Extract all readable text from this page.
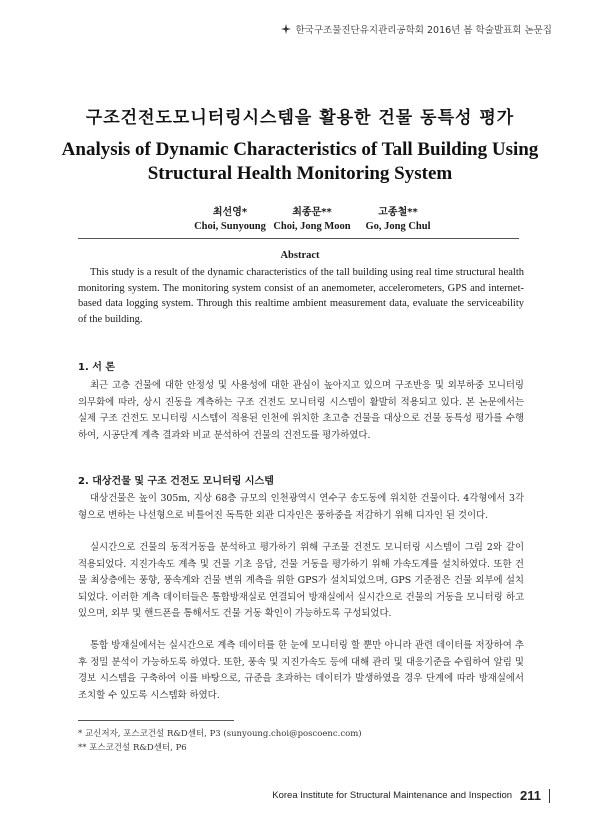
한국구조물진단유지관리공학회 2016년 봄 학술발표회 논문집
구조건전도모니터링시스템을 활용한 건물 동특성 평가
Analysis of Dynamic Characteristics of Tall Building Using
Structural Health Monitoring System
최선영*
Choi, Sunyoung
최종문**
Choi, Jong Moon
고종철**
Go, Jong Chul
Abstract
This study is a result of the dynamic characteristics of the tall building using real time structural health monitoring system. The monitoring system consist of an anemometer, accelerometers, GPS and internet-based data logging system. Through this realtime ambient measurement data, evaluate the serviceability of the building.
1. 서 론
최근 고층 건물에 대한 안정성 및 사용성에 대한 관심이 높아지고 있으며 구조반응 및 외부하중 모니터링 의무화에 따라, 상시 진동을 계측하는 구조 건전도 모니터링 시스템이 활발히 적용되고 있다. 본 논문에서는 실제 구조 건전도 모니터링 시스템이 적용된 인천에 위치한 초고층 건물을 대상으로 건물 동특성 평가를 수행하여, 시공단계 계측 결과와 비교 분석하여 건물의 건전도를 평가하였다.
2. 대상건물 및 구조 건전도 모니터링 시스템
대상건물은 높이 305m, 지상 68층 규모의 인천광역시 연수구 송도동에 위치한 건물이다. 4각형에서 3각형으로 변하는 나선형으로 비틀어진 독특한 외관 디자인은 풍하중을 저감하기 위해 디자인 된 것이다.
실시간으로 건물의 동적거동을 분석하고 평가하기 위해 구조물 건전도 모니터링 시스템이 그림 2와 같이 적용되었다. 지진가속도 계측 및 건물 기초 응답, 건물 거동을 평가하기 위해 가속도계를 설치하였다. 또한 건물 최상층에는 풍향, 풍속계와 건물 변위 계측을 위한 GPS가 설치되었으며, GPS 기준점은 건물 외부에 설치되었다. 이러한 계측 데이터들은 통합방재실로 연결되어 방재실에서 실시간으로 건물의 거동을 모니터링 하고 있으며, 외부 및 핸드폰을 통해서도 건물 거동 확인이 가능하도록 구성되었다.
통합 방재실에서는 실시간으로 계측 데이터를 한 눈에 모니터링 할 뿐만 아니라 관련 데이터를 저장하여 추후 정밀 분석이 가능하도록 하였다. 또한, 풍속 및 지진가속도 등에 대해 관리 및 대응기준을 수립하여 알림 및 경보 시스템을 구축하여 이를 바탕으로, 규준을 초과하는 데이터가 발생하였을 경우 단계에 따라 방재실에서 조치할 수 있도록 시스템화 하였다.
* 교신저자, 포스코건설 R&D센터, P3 (sunyoung.choi@poscoenc.com)
** 포스코건설 R&D센터, P6
Korea Institute for Structural Maintenance and Inspection 211
